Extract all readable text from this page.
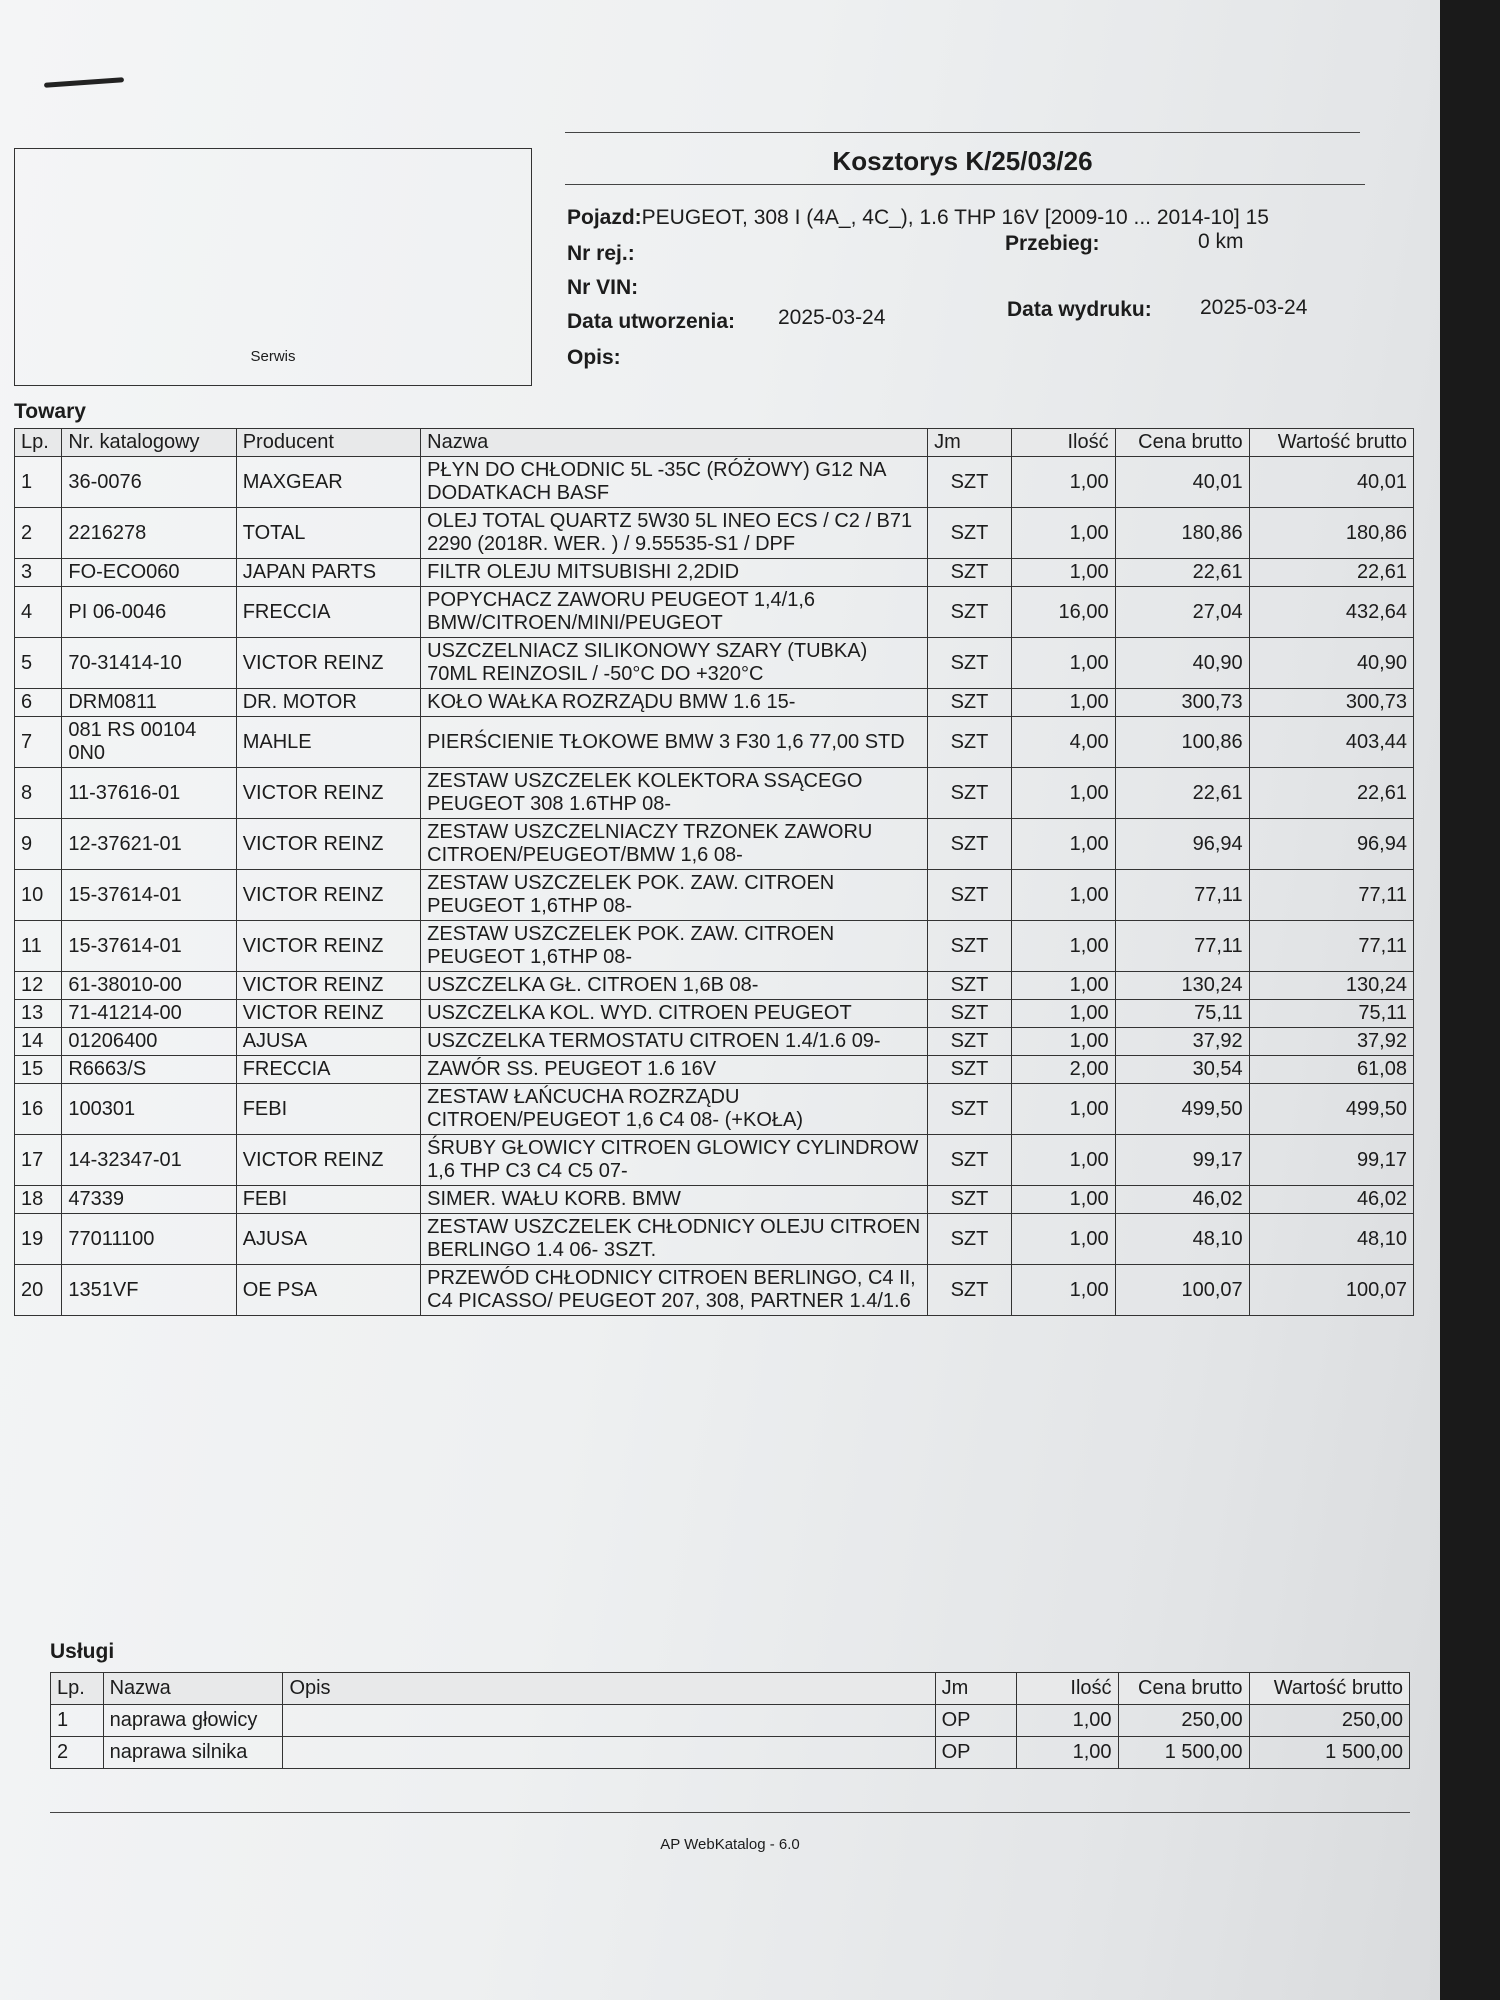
Serwis
Kosztorys K/25/03/26
Pojazd:PEUGEOT, 308 I (4A_, 4C_), 1.6 THP 16V [2009-10 ... 2014-10] 15
Nr rej.:	Przebieg:	0 km
Nr VIN:
Data utworzenia: 2025-03-24	Data wydruku: 2025-03-24
Opis:
Towary
Lp.	Nr. katalogowy	Producent	Nazwa	Jm	Ilość	Cena brutto	Wartość brutto
1	36-0076	MAXGEAR	PŁYN DO CHŁODNIC 5L -35C (RÓŻOWY) G12 NA DODATKACH BASF	SZT	1,00	40,01	40,01
2	2216278	TOTAL	OLEJ TOTAL QUARTZ 5W30 5L INEO ECS / C2 / B71 2290 (2018R. WER. ) / 9.55535-S1 / DPF	SZT	1,00	180,86	180,86
3	FO-ECO060	JAPAN PARTS	FILTR OLEJU MITSUBISHI 2,2DID	SZT	1,00	22,61	22,61
4	PI 06-0046	FRECCIA	POPYCHACZ ZAWORU PEUGEOT 1,4/1,6 BMW/CITROEN/MINI/PEUGEOT	SZT	16,00	27,04	432,64
5	70-31414-10	VICTOR REINZ	USZCZELNIACZ SILIKONOWY SZARY (TUBKA) 70ML REINZOSIL / -50°C DO +320°C	SZT	1,00	40,90	40,90
6	DRM0811	DR. MOTOR	KOŁO WAŁKA ROZRZĄDU BMW 1.6 15-	SZT	1,00	300,73	300,73
7	081 RS 00104 0N0	MAHLE	PIERŚCIENIE TŁOKOWE BMW 3 F30 1,6 77,00 STD	SZT	4,00	100,86	403,44
8	11-37616-01	VICTOR REINZ	ZESTAW USZCZELEK KOLEKTORA SSĄCEGO PEUGEOT 308 1.6THP 08-	SZT	1,00	22,61	22,61
9	12-37621-01	VICTOR REINZ	ZESTAW USZCZELNIACZY TRZONEK ZAWORU CITROEN/PEUGEOT/BMW 1,6 08-	SZT	1,00	96,94	96,94
10	15-37614-01	VICTOR REINZ	ZESTAW USZCZELEK POK. ZAW. CITROEN PEUGEOT 1,6THP 08-	SZT	1,00	77,11	77,11
11	15-37614-01	VICTOR REINZ	ZESTAW USZCZELEK POK. ZAW. CITROEN PEUGEOT 1,6THP 08-	SZT	1,00	77,11	77,11
12	61-38010-00	VICTOR REINZ	USZCZELKA GŁ. CITROEN 1,6B 08-	SZT	1,00	130,24	130,24
13	71-41214-00	VICTOR REINZ	USZCZELKA KOL. WYD. CITROEN PEUGEOT	SZT	1,00	75,11	75,11
14	01206400	AJUSA	USZCZELKA TERMOSTATU CITROEN 1.4/1.6 09-	SZT	1,00	37,92	37,92
15	R6663/S	FRECCIA	ZAWÓR SS. PEUGEOT 1.6 16V	SZT	2,00	30,54	61,08
16	100301	FEBI	ZESTAW ŁAŃCUCHA ROZRZĄDU CITROEN/PEUGEOT 1,6 C4 08- (+KOŁA)	SZT	1,00	499,50	499,50
17	14-32347-01	VICTOR REINZ	ŚRUBY GŁOWICY CITROEN GLOWICY CYLINDROW 1,6 THP C3 C4 C5 07-	SZT	1,00	99,17	99,17
18	47339	FEBI	SIMER. WAŁU KORB. BMW	SZT	1,00	46,02	46,02
19	77011100	AJUSA	ZESTAW USZCZELEK CHŁODNICY OLEJU CITROEN BERLINGO 1.4 06- 3SZT.	SZT	1,00	48,10	48,10
20	1351VF	OE PSA	PRZEWÓD CHŁODNICY CITROEN BERLINGO, C4 II, C4 PICASSO/ PEUGEOT 207, 308, PARTNER 1.4/1.6	SZT	1,00	100,07	100,07
Usługi
Lp.	Nazwa	Opis	Jm	Ilość	Cena brutto	Wartość brutto
1	naprawa głowicy		OP	1,00	250,00	250,00
2	naprawa silnika		OP	1,00	1 500,00	1 500,00
AP WebKatalog - 6.0
